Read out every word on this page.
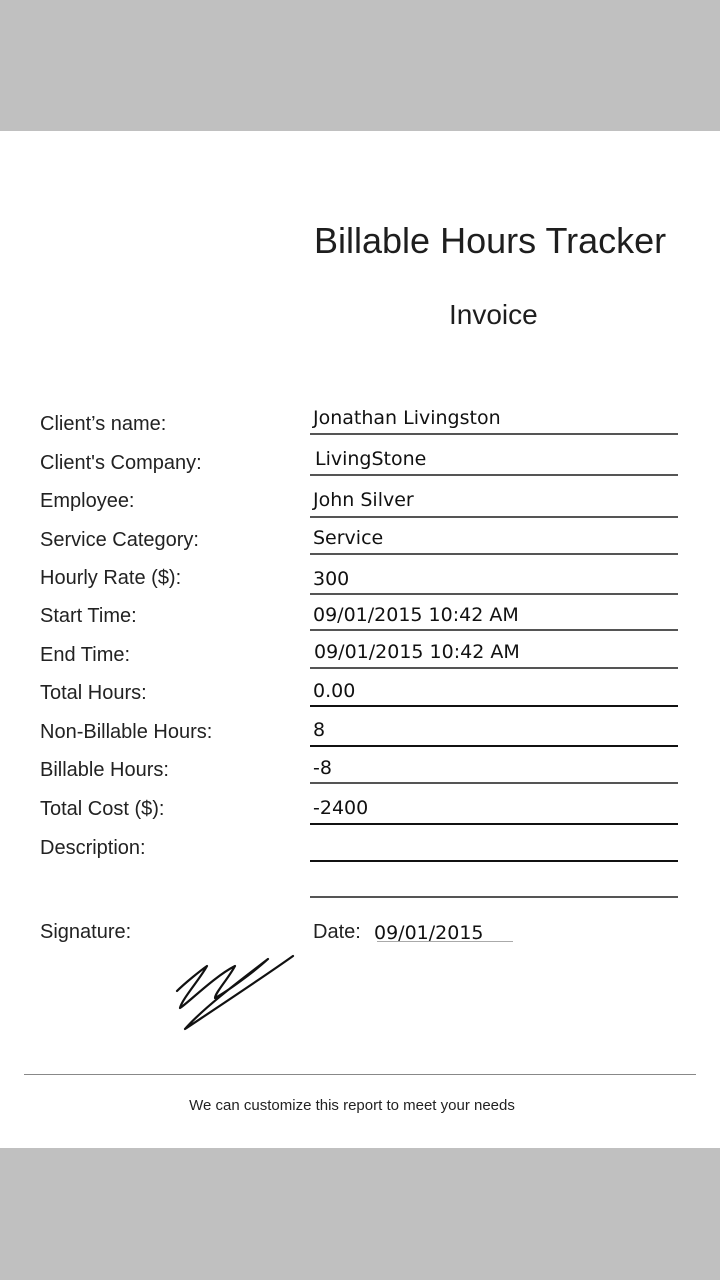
Billable Hours Tracker
Invoice
Client’s name:
Client's Company:
Employee:
Service Category:
Hourly Rate ($):
Start Time:
End Time:
Total Hours:
Non-Billable Hours:
Billable Hours:
Total Cost ($):
Description:
Jonathan Livingston
LivingStone
John Silver
Service
300
09/01/2015 10:42 AM
09/01/2015 10:42 AM
0.00
8
-8
-2400
Signature:	Date: 09/01/2015
We can customize this report to meet your needs
